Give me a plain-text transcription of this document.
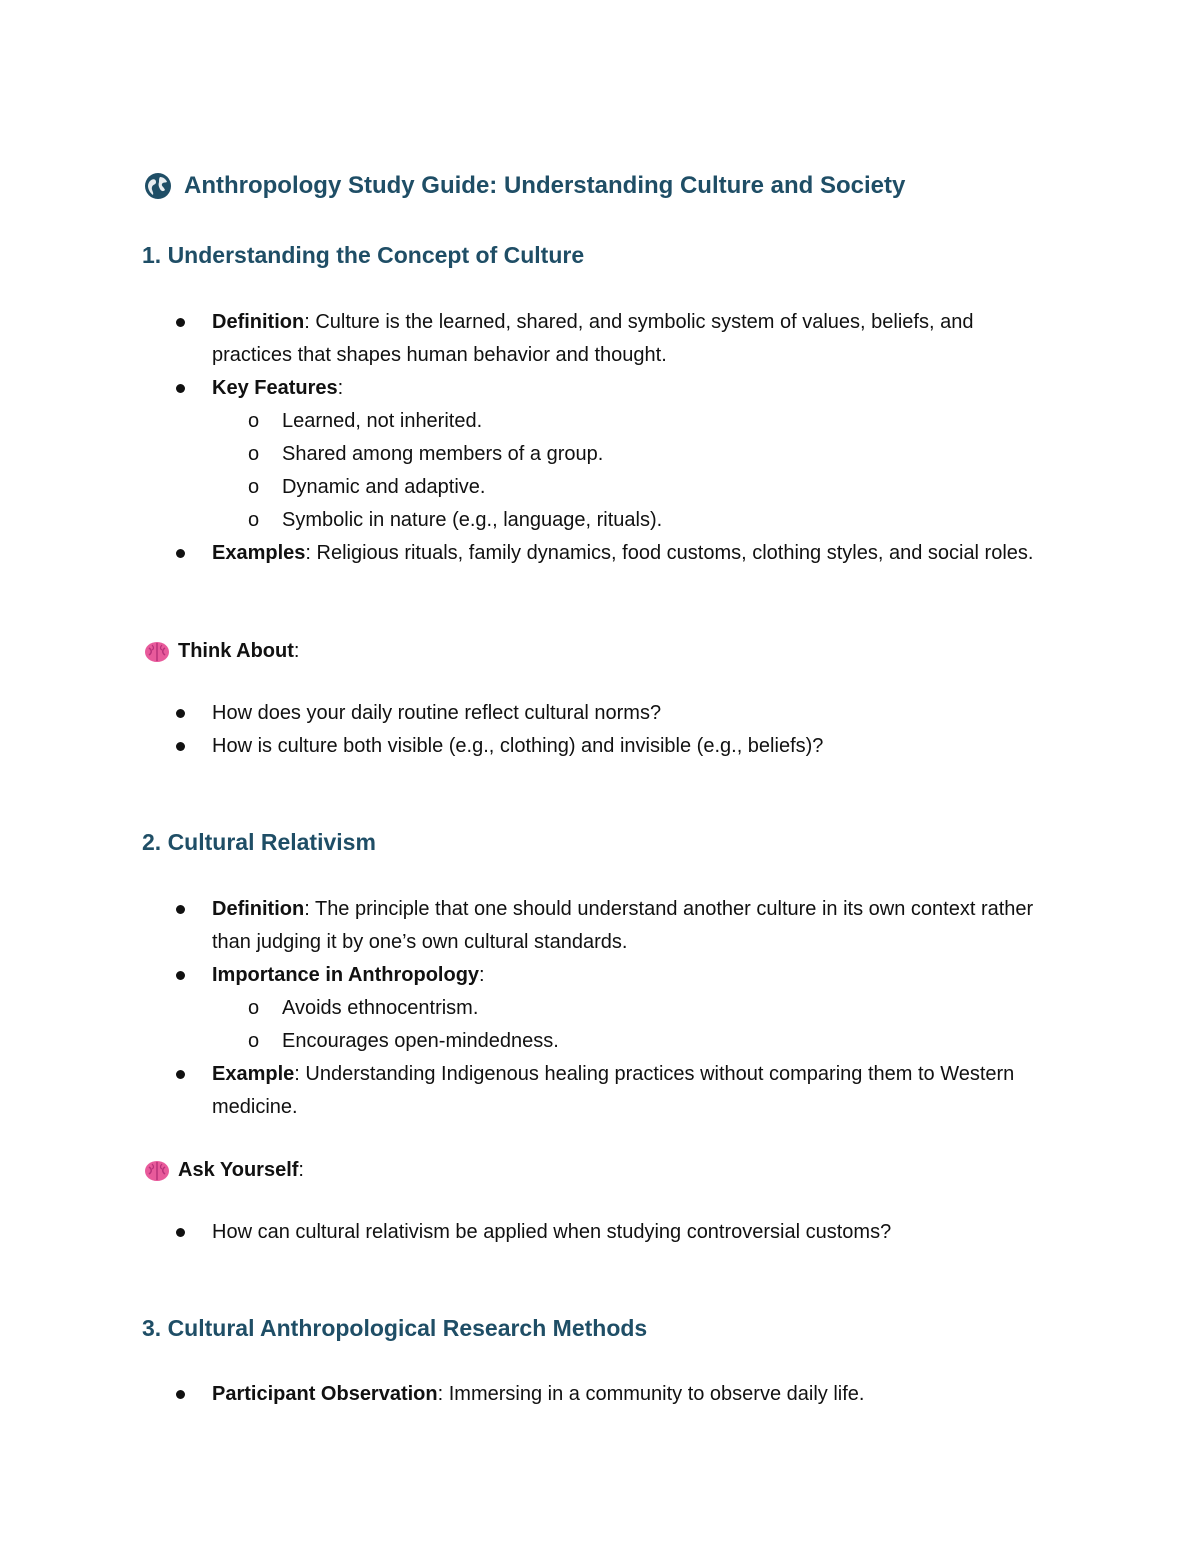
Anthropology Study Guide: Understanding Culture and Society
1. Understanding the Concept of Culture
Definition: Culture is the learned, shared, and symbolic system of values, beliefs, and practices that shapes human behavior and thought.
Key Features:
o Learned, not inherited.
o Shared among members of a group.
o Dynamic and adaptive.
o Symbolic in nature (e.g., language, rituals).
Examples: Religious rituals, family dynamics, food customs, clothing styles, and social roles.

Think About :

How does your daily routine reflect cultural norms?
How is culture both visible (e.g., clothing) and invisible (e.g., beliefs)?
2. Cultural Relativism
Definition: The principle that one should understand another culture in its own context rather than judging it by one’s own cultural standards.
Importance in Anthropology:
o Avoids ethnocentrism.
o Encourages open-mindedness.
Example: Understanding Indigenous healing practices without comparing them to Western medicine.

Ask Yourself :

How can cultural relativism be applied when studying controversial customs?
3. Cultural Anthropological Research Methods
Participant Observation: Immersing in a community to observe daily life.
